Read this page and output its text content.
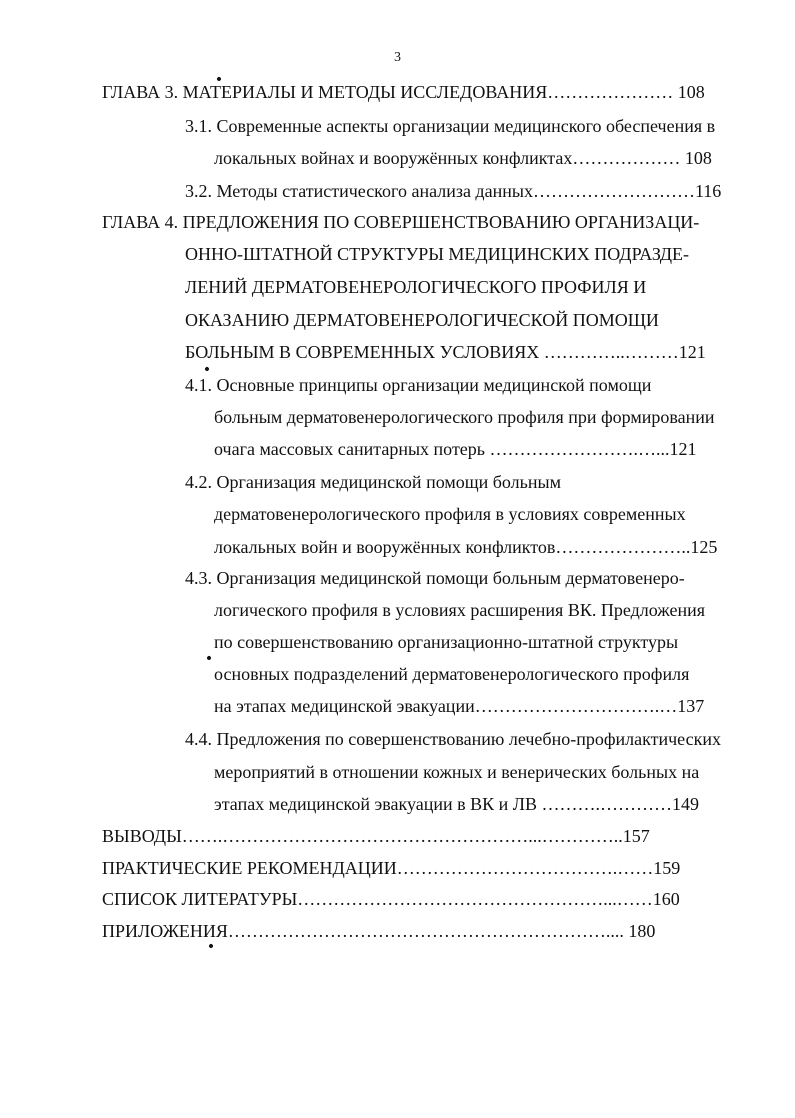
3
ГЛАВА 3. МАТЕРИАЛЫ И МЕТОДЫ ИССЛЕДОВАНИЯ………………… 108
3.1. Современные аспекты организации медицинского обеспечения в
локальных войнах и вооружённых конфликтах……………… 108
3.2. Методы статистического анализа данных………………………116
ГЛАВА 4. ПРЕДЛОЖЕНИЯ ПО СОВЕРШЕНСТВОВАНИЮ ОРГАНИЗАЦИ-
ОННО-ШТАТНОЙ СТРУКТУРЫ МЕДИЦИНСКИХ ПОДРАЗДЕ-
ЛЕНИЙ ДЕРМАТОВЕНЕРОЛОГИЧЕСКОГО ПРОФИЛЯ И
ОКАЗАНИЮ ДЕРМАТОВЕНЕРОЛОГИЧЕСКОЙ ПОМОЩИ
БОЛЬНЫМ В СОВРЕМЕННЫХ УСЛОВИЯХ …………..………121
4.1. Основные принципы организации медицинской помощи
больным дерматовенерологического профиля при формировании
очага массовых санитарных потерь …………………….…...121
4.2. Организация медицинской помощи больным
дерматовенерологического профиля в условиях современных
локальных войн и вооружённых конфликтов…………………..125
4.3. Организация медицинской помощи больным дерматовенеро-
логического профиля в условиях расширения ВК. Предложения
по совершенствованию организационно-штатной структуры
основных подразделений дерматовенерологического профиля
на этапах медицинской эвакуации………………………….…137
4.4. Предложения по совершенствованию лечебно-профилактических
мероприятий в отношении кожных и венерических больных на
этапах медицинской эвакуации в ВК и ЛВ ……….…………149
ВЫВОДЫ…….……………………………………………...…………..157
ПРАКТИЧЕСКИЕ РЕКОМЕНДАЦИИ……………………………….……159
СПИСОК ЛИТЕРАТУРЫ……………………………………………...……160
ПРИЛОЖЕНИЯ……………………………………………………….... 180
